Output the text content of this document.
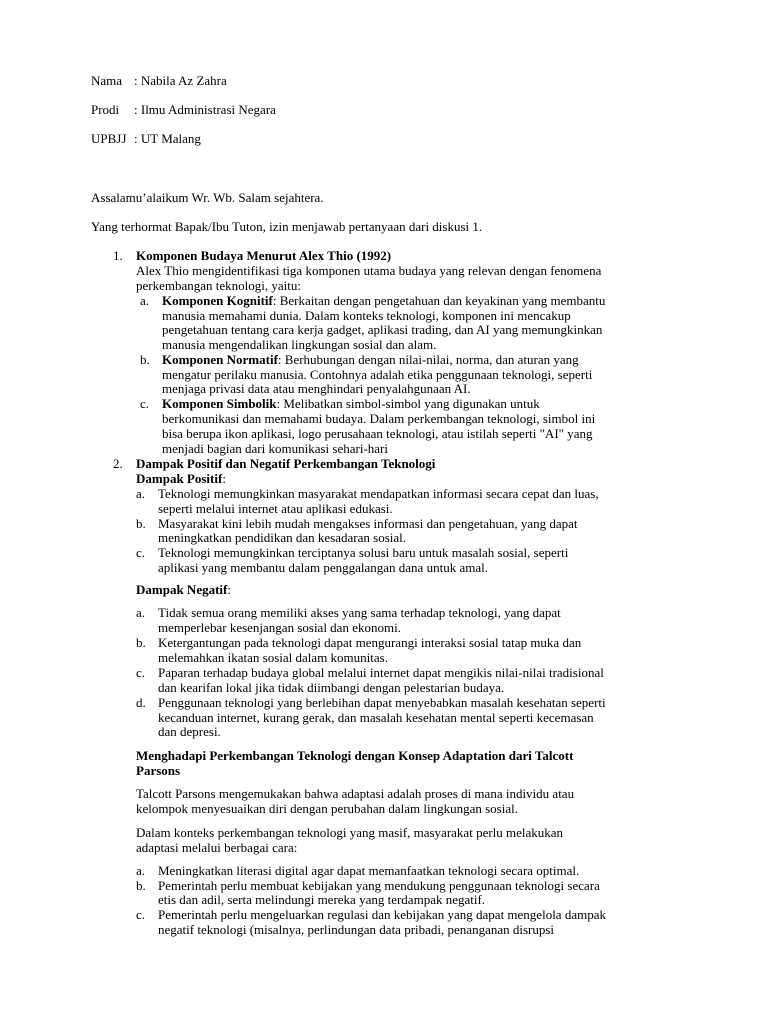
Nama : Nabila Az Zahra
Prodi : Ilmu Administrasi Negara
UPBJJ : UT Malang
Assalamu’alaikum Wr. Wb. Salam sejahtera.
Yang terhormat Bapak/Ibu Tuton, izin menjawab pertanyaan dari diskusi 1.
1. Komponen Budaya Menurut Alex Thio (1992)
Alex Thio mengidentifikasi tiga komponen utama budaya yang relevan dengan fenomena
perkembangan teknologi, yaitu:
a. Komponen Kognitif: Berkaitan dengan pengetahuan dan keyakinan yang membantu
manusia memahami dunia. Dalam konteks teknologi, komponen ini mencakup
pengetahuan tentang cara kerja gadget, aplikasi trading, dan AI yang memungkinkan
manusia mengendalikan lingkungan sosial dan alam.
b. Komponen Normatif: Berhubungan dengan nilai-nilai, norma, dan aturan yang
mengatur perilaku manusia. Contohnya adalah etika penggunaan teknologi, seperti
menjaga privasi data atau menghindari penyalahgunaan AI.
c. Komponen Simbolik: Melibatkan simbol-simbol yang digunakan untuk
berkomunikasi dan memahami budaya. Dalam perkembangan teknologi, simbol ini
bisa berupa ikon aplikasi, logo perusahaan teknologi, atau istilah seperti "AI" yang
menjadi bagian dari komunikasi sehari-hari
2. Dampak Positif dan Negatif Perkembangan Teknologi
Dampak Positif:
a. Teknologi memungkinkan masyarakat mendapatkan informasi secara cepat dan luas,
seperti melalui internet atau aplikasi edukasi.
b. Masyarakat kini lebih mudah mengakses informasi dan pengetahuan, yang dapat
meningkatkan pendidikan dan kesadaran sosial.
c. Teknologi memungkinkan terciptanya solusi baru untuk masalah sosial, seperti
aplikasi yang membantu dalam penggalangan dana untuk amal.
Dampak Negatif:
a. Tidak semua orang memiliki akses yang sama terhadap teknologi, yang dapat
memperlebar kesenjangan sosial dan ekonomi.
b. Ketergantungan pada teknologi dapat mengurangi interaksi sosial tatap muka dan
melemahkan ikatan sosial dalam komunitas.
c. Paparan terhadap budaya global melalui internet dapat mengikis nilai-nilai tradisional
dan kearifan lokal jika tidak diimbangi dengan pelestarian budaya.
d. Penggunaan teknologi yang berlebihan dapat menyebabkan masalah kesehatan seperti
kecanduan internet, kurang gerak, dan masalah kesehatan mental seperti kecemasan
dan depresi.
Menghadapi Perkembangan Teknologi dengan Konsep Adaptation dari Talcott
Parsons
Talcott Parsons mengemukakan bahwa adaptasi adalah proses di mana individu atau
kelompok menyesuaikan diri dengan perubahan dalam lingkungan sosial.
Dalam konteks perkembangan teknologi yang masif, masyarakat perlu melakukan
adaptasi melalui berbagai cara:
a. Meningkatkan literasi digital agar dapat memanfaatkan teknologi secara optimal.
b. Pemerintah perlu membuat kebijakan yang mendukung penggunaan teknologi secara
etis dan adil, serta melindungi mereka yang terdampak negatif.
c. Pemerintah perlu mengeluarkan regulasi dan kebijakan yang dapat mengelola dampak
negatif teknologi (misalnya, perlindungan data pribadi, penanganan disrupsi
